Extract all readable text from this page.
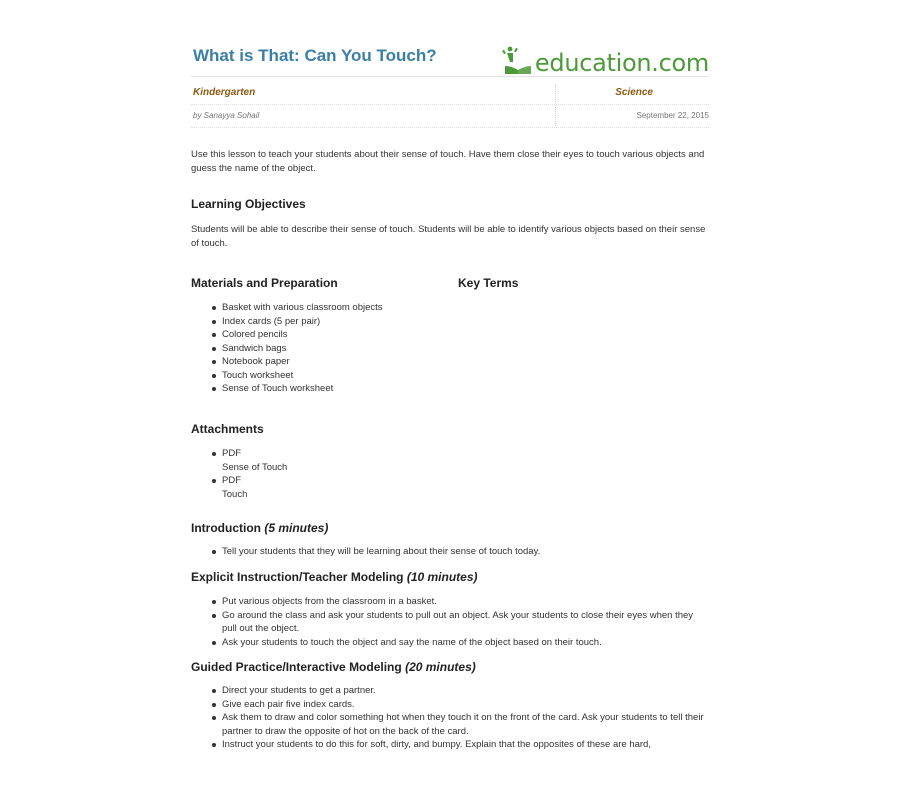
What is That: Can You Touch?	education.com
Kindergarten	Science
by Sanayya Sohail	September 22, 2015

Use this lesson to teach your students about their sense of touch. Have them close their eyes to touch various objects and guess the name of the object.

Learning Objectives

Students will be able to describe their sense of touch. Students will be able to identify various objects based on their sense of touch.

Materials and Preparation	Key Terms
Basket with various classroom objects
Index cards (5 per pair)
Colored pencils
Sandwich bags
Notebook paper
Touch worksheet
Sense of Touch worksheet
Attachments
PDF
Sense of Touch
PDF
Touch
Introduction (5 minutes)
Tell your students that they will be learning about their sense of touch today.
Explicit Instruction/Teacher Modeling (10 minutes)
Put various objects from the classroom in a basket.
Go around the class and ask your students to pull out an object. Ask your students to close their eyes when they pull out the object.
Ask your students to touch the object and say the name of the object based on their touch.
Guided Practice/Interactive Modeling (20 minutes)
Direct your students to get a partner.
Give each pair five index cards.
Ask them to draw and color something hot when they touch it on the front of the card. Ask your students to tell their partner to draw the opposite of hot on the back of the card.
Instruct your students to do this for soft, dirty, and bumpy. Explain that the opposites of these are hard,
